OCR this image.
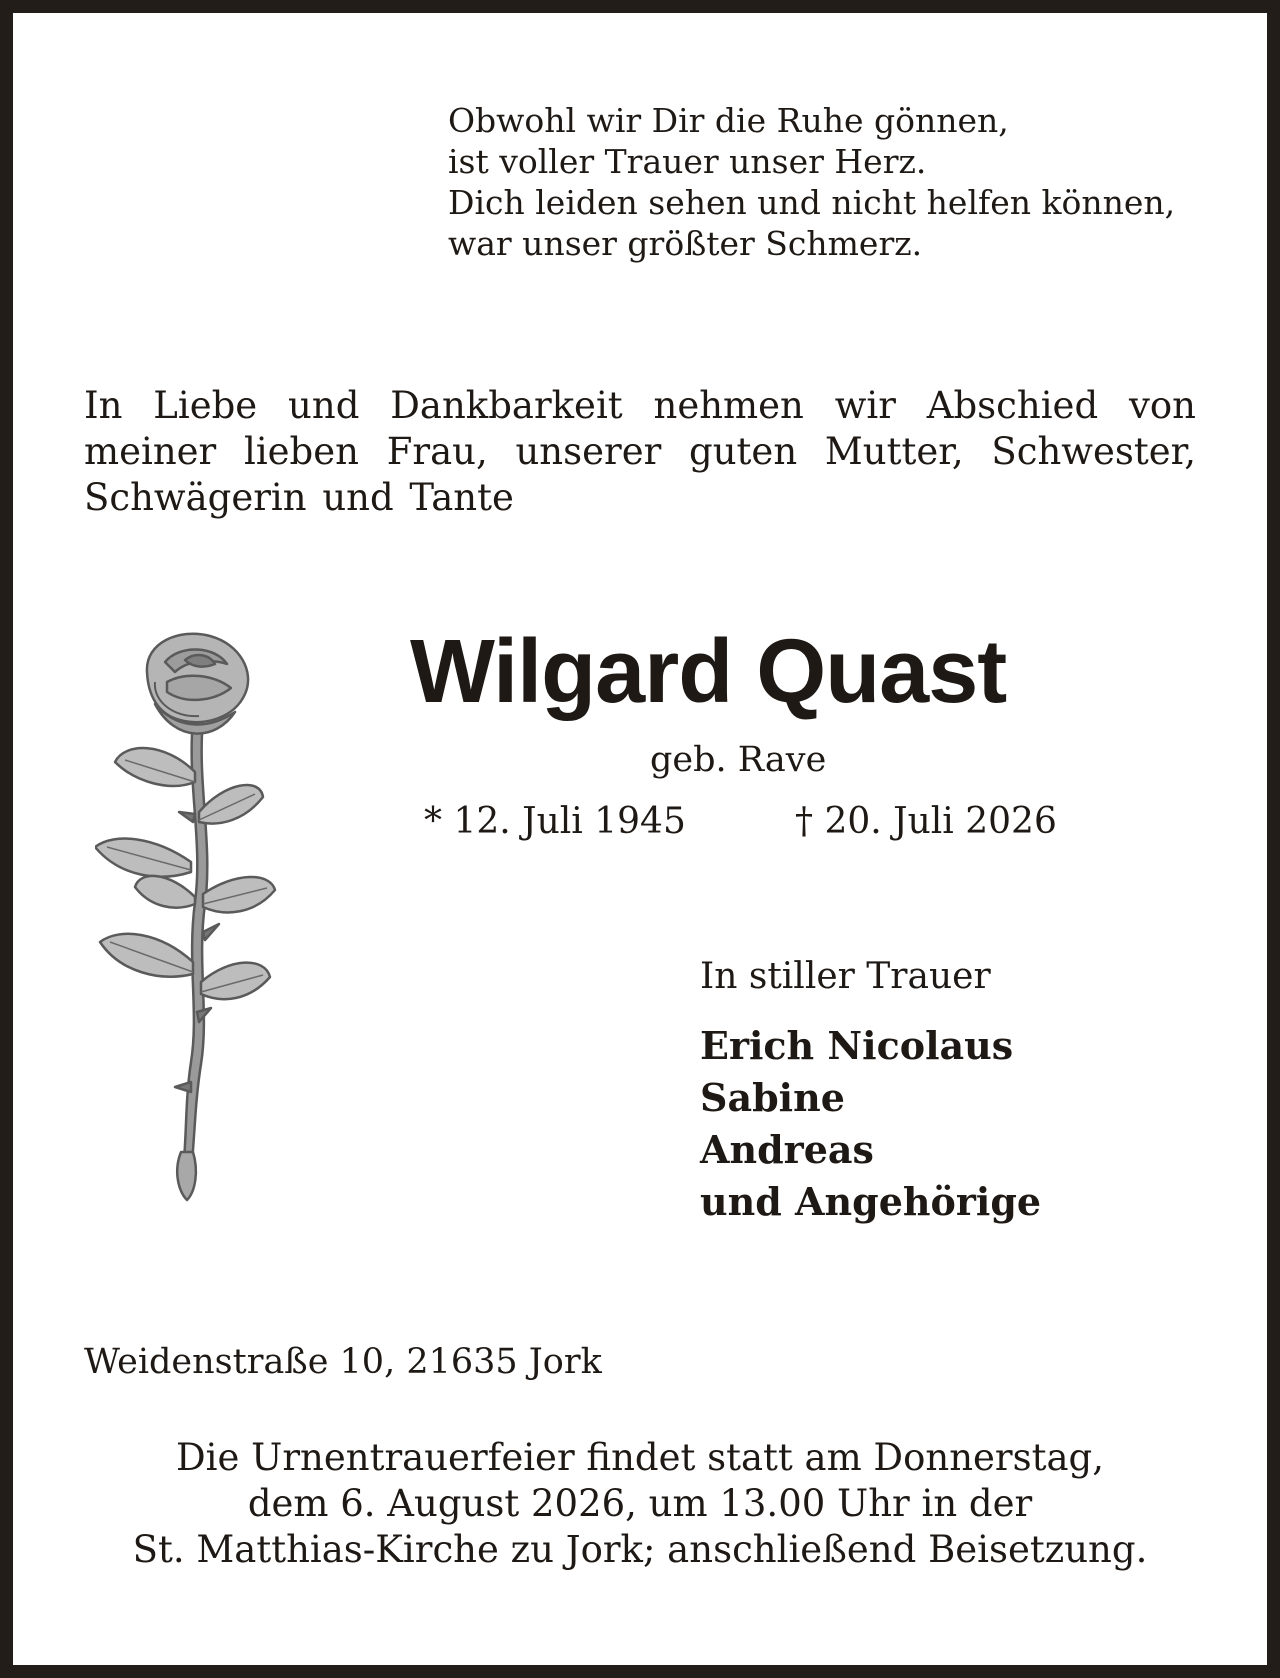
Obwohl wir Dir die Ruhe gönnen,
ist voller Trauer unser Herz.
Dich leiden sehen und nicht helfen können,
war unser größter Schmerz.
In Liebe und Dankbarkeit nehmen wir Abschied von
meiner lieben Frau, unserer guten Mutter, Schwester,
Schwägerin und Tante
Wilgard Quast
geb. Rave
* 12. Juli 1945	† 20. Juli 2026
In stiller Trauer
Erich Nicolaus
Sabine
Andreas
und Angehörige
Weidenstraße 10, 21635 Jork
Die Urnentrauerfeier findet statt am Donnerstag,
dem 6. August 2026, um 13.00 Uhr in der
St. Matthias-Kirche zu Jork; anschließend Beisetzung.
